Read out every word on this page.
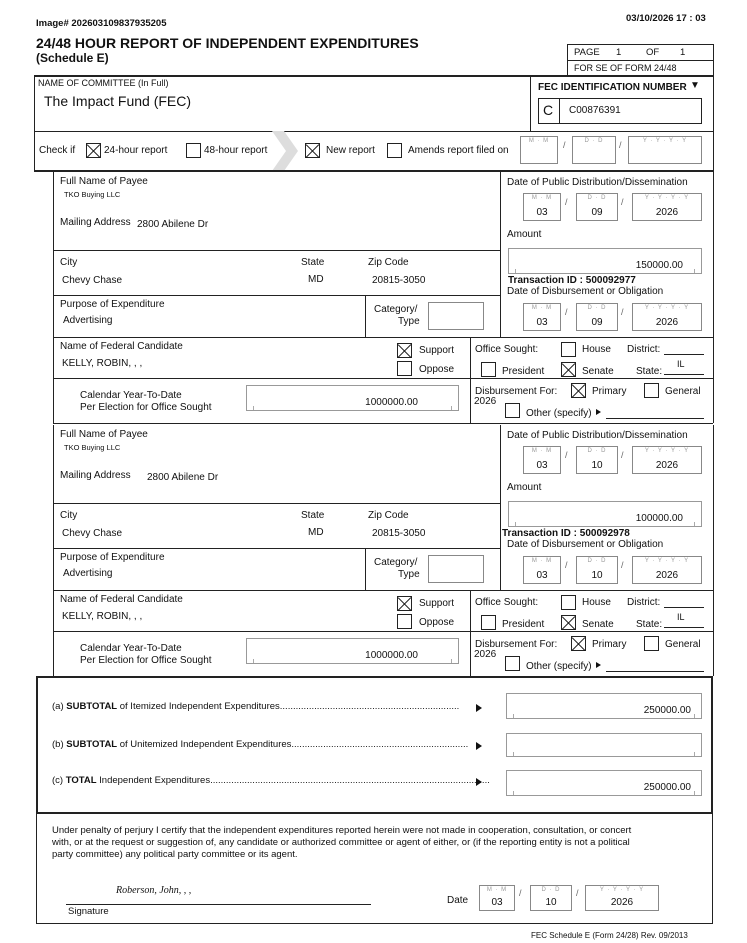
Image# 202603109837935205	03/10/2026 17 : 03
24/48 HOUR REPORT OF INDEPENDENT EXPENDITURES
(Schedule E)	PAGE 1	OF 1
FOR SE OF FORM 24/48
NAME OF COMMITTEE (In Full)
The Impact Fund (FEC)
FEC IDENTIFICATION NUMBER ▼
C C00876391
Check if	24-hour report	48-hour report	New report	Amends report filed on
M · M	/	D · D	/	Y · Y · Y · Y
Full Name of Payee
TKO Buying LLC
Mailing Address 2800 Abilene Dr
City	State	Zip Code
Chevy Chase	MD	20815-3050
Purpose of Expenditure
Advertising
Category/
Type
Name of Federal Candidate
KELLY, ROBIN, , ,
Support
Oppose
Calendar Year-To-Date
Per Election for Office Sought	1000000.00
Date of Public Distribution/Dissemination
M · M
03
/	D · D
09
/	Y · Y · Y · Y
2026
Amount
150000.00
Transaction ID : 500092977
Date of Disbursement or Obligation
M · M
03
/	D · D
09
/	Y · Y · Y · Y
2026
Office Sought:	House District:
President	Senate State:
IL
Disbursement For:
2026
Primary	General
Other (specify)
Full Name of Payee
TKO Buying LLC
Mailing Address 2800 Abilene Dr
City	State	Zip Code
Chevy Chase	MD	20815-3050
Purpose of Expenditure
Advertising
Category/
Type
Name of Federal Candidate
KELLY, ROBIN, , ,
Support
Oppose
Calendar Year-To-Date
Per Election for Office Sought	1000000.00
Date of Public Distribution/Dissemination
M · M
03
/	D · D
10
/	Y · Y · Y · Y
2026
Amount
100000.00
Transaction ID : 500092978
Date of Disbursement or Obligation
M · M
03
/	D · D
10
/	Y · Y · Y · Y
2026
Office Sought:	House District:
President	Senate State:
IL
Disbursement For:
2026
Primary	General
Other (specify)
(a) SUBTOTAL of Itemized Independent Expenditures....................................................................	250000.00
(b) SUBTOTAL of Unitemized Independent Expenditures...................................................................
(c) TOTAL Independent Expenditures..........................................................................................................
250000.00
Under penalty of perjury I certify that the independent expenditures reported herein were not made in cooperation, consultation, or concert
with, or at the request or suggestion of, any candidate or authorized committee or agent of either, or (if the reporting entity is not a political
party committee) any political party committee or its agent.
Roberson, John, , ,
Signature
Date
M · M
03
/	D · D
10
/	Y · Y · Y · Y
2026
FEC Schedule E (Form 24/28) Rev. 09/2013
